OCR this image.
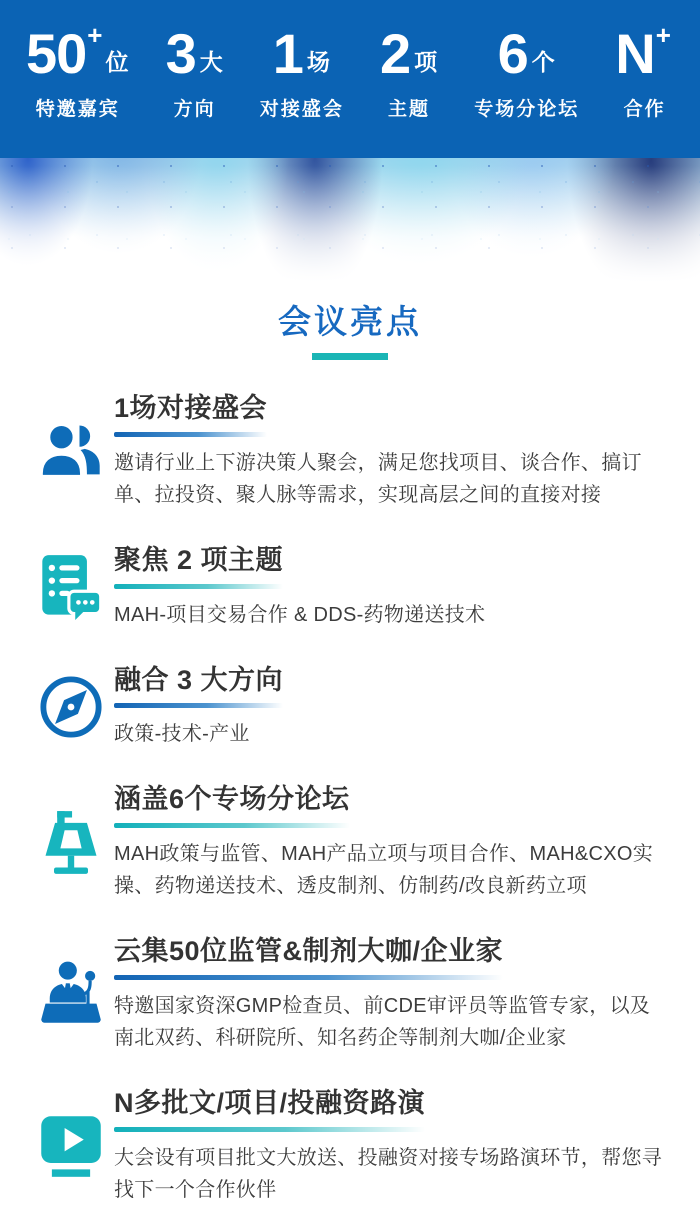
50+位
特邀嘉宾
3 大
方向
1 场
对接盛会
2 项
主题
6 个
专场分论坛
N+
合作
会议亮点
1场对接盛会

邀请行业上下游决策人聚会，满足您找项目、谈合作、搞订单、拉投资、聚人脉等需求，实现高层之间的直接对接

聚焦 2 项主题

MAH-项目交易合作 & DDS-药物递送技术

融合 3 大方向

政策-技术-产业

涵盖6个专场分论坛

MAH政策与监管、MAH产品立项与项目合作、MAH&CXO实操、药物递送技术、透皮制剂、仿制药/改良新药立项

云集50位监管&制剂大咖/企业家

特邀国家资深GMP检查员、前CDE审评员等监管专家，以及南北双药、科研院所、知名药企等制剂大咖/企业家

N多批文/项目/投融资路演

大会设有项目批文大放送、投融资对接专场路演环节，帮您寻找下一个合作伙伴
